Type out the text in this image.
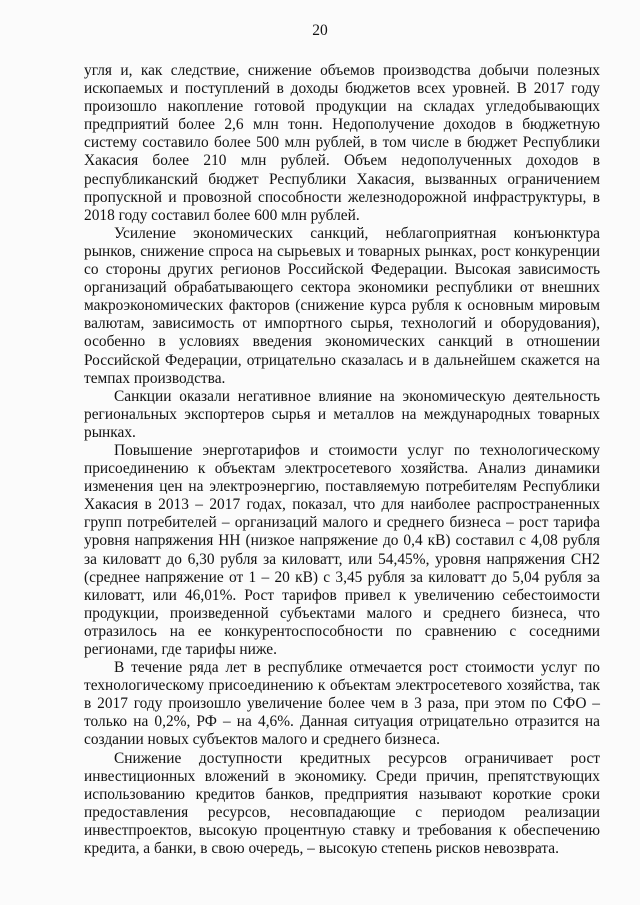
20

угля и, как следствие, снижение объемов производства добычи полезных ископаемых и поступлений в доходы бюджетов всех уровней. В 2017 году произошло накопление готовой продукции на складах угледобывающих предприятий более 2,6 млн тонн. Недополучение доходов в бюджетную систему составило более 500 млн рублей, в том числе в бюджет Республики Хакасия более 210 млн рублей. Объем недополученных доходов в республиканский бюджет Республики Хакасия, вызванных ограничением пропускной и провозной способности железнодорожной инфраструктуры, в 2018 году составил более 600 млн рублей.

Усиление экономических санкций, неблагоприятная конъюнктура рынков, снижение спроса на сырьевых и товарных рынках, рост конкуренции со стороны других регионов Российской Федерации. Высокая зависимость организаций обрабатывающего сектора экономики республики от внешних макроэкономических факторов (снижение курса рубля к основным мировым валютам, зависимость от импортного сырья, технологий и оборудования), особенно в условиях введения экономических санкций в отношении Российской Федерации, отрицательно сказалась и в дальнейшем скажется на темпах производства.

Санкции оказали негативное влияние на экономическую деятельность региональных экспортеров сырья и металлов на международных товарных рынках.

Повышение энерготарифов и стоимости услуг по технологическому присоединению к объектам электросетевого хозяйства. Анализ динамики изменения цен на электроэнергию, поставляемую потребителям Республики Хакасия в 2013 – 2017 годах, показал, что для наиболее распространенных групп потребителей – организаций малого и среднего бизнеса – рост тарифа уровня напряжения НН (низкое напряжение до 0,4 кВ) составил с 4,08 рубля за киловатт до 6,30 рубля за киловатт, или 54,45%, уровня напряжения СН2 (среднее напряжение от 1 – 20 кВ) с 3,45 рубля за киловатт до 5,04 рубля за киловатт, или 46,01%. Рост тарифов привел к увеличению себестоимости продукции, произведенной субъектами малого и среднего бизнеса, что отразилось на ее конкурентоспособности по сравнению с соседними регионами, где тарифы ниже.

В течение ряда лет в республике отмечается рост стоимости услуг по технологическому присоединению к объектам электросетевого хозяйства, так в 2017 году произошло увеличение более чем в 3 раза, при этом по СФО – только на 0,2%, РФ – на 4,6%. Данная ситуация отрицательно отразится на создании новых субъектов малого и среднего бизнеса.

Снижение доступности кредитных ресурсов ограничивает рост инвестиционных вложений в экономику. Среди причин, препятствующих использованию кредитов банков, предприятия называют короткие сроки предоставления ресурсов, несовпадающие с периодом реализации инвестпроектов, высокую процентную ставку и требования к обеспечению кредита, а банки, в свою очередь, – высокую степень рисков невозврата.
